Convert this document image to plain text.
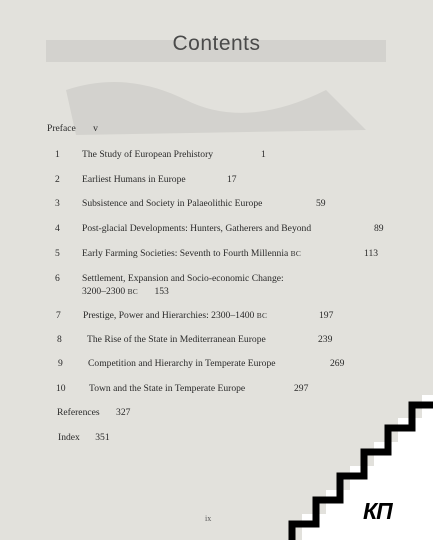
Contents
Preface v
1 The Study of European Prehistory	1
2 Earliest Humans in Europe	17
3 Subsistence and Society in Palaeolithic Europe	59
4 Post-glacial Developments: Hunters, Gatherers and Beyond	89
5 Early Farming Societies: Seventh to Fourth Millennia BC	113
6 Settlement, Expansion and Socio-economic Change:
3200–2300 BC 153
7 Prestige, Power and Hierarchies: 2300–1400 BC	197
8	The Rise of the State in Mediterranean Europe	239
9	Competition and Hierarchy in Temperate Europe	269
10 Town and the State in Temperate Europe	297
References 327
Index 351
ix	КП
